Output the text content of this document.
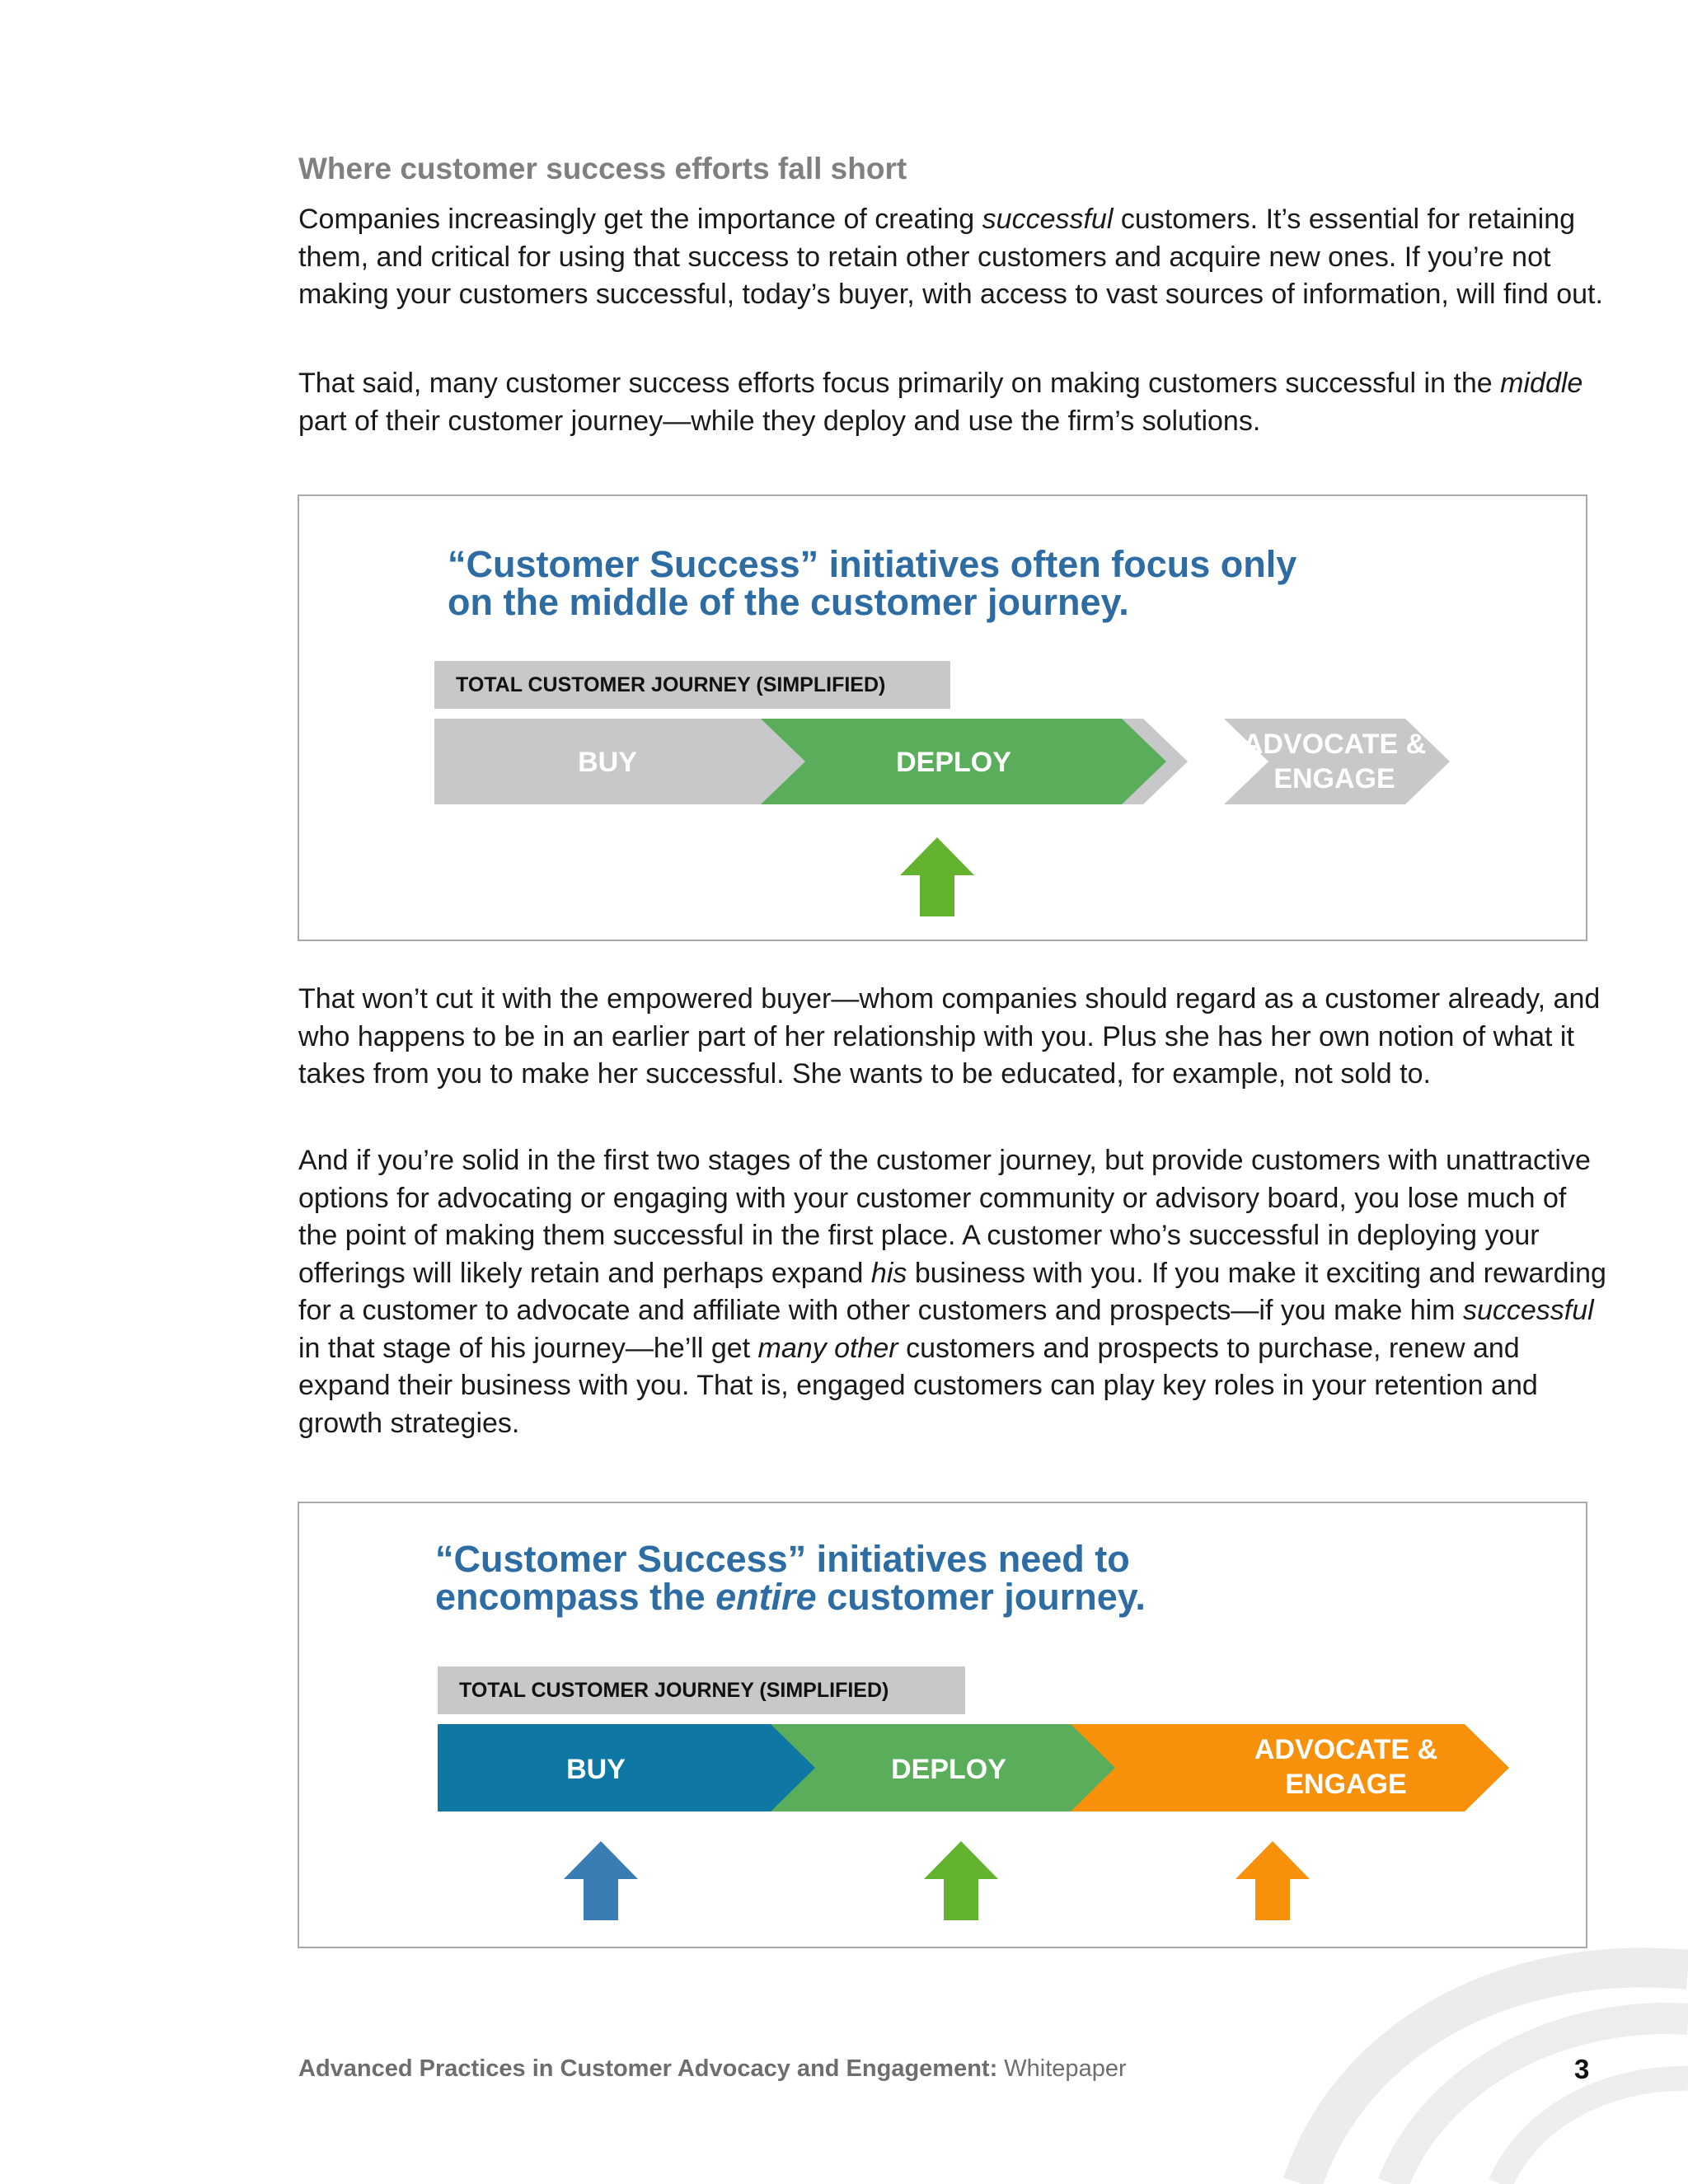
Where customer success efforts fall short

Companies increasingly get the importance of creating successful customers. It’s essential for retaining them, and critical for using that success to retain other customers and acquire new ones. If you’re not making your customers successful, today’s buyer, with access to vast sources of information, will find out.

That said, many customer success efforts focus primarily on making customers successful in the middle part of their customer journey—while they deploy and use the firm’s solutions.

“Customer Success” initiatives often focus only
on the middle of the customer journey.
TOTAL CUSTOMER JOURNEY (SIMPLIFIED)
BUY	DEPLOY
ADVOCATE &
ENGAGE

That won’t cut it with the empowered buyer—whom companies should regard as a customer already, and who happens to be in an earlier part of her relationship with you. Plus she has her own notion of what it takes from you to make her successful. She wants to be educated, for example, not sold to.

And if you’re solid in the first two stages of the customer journey, but provide customers with unattractive options for advocating or engaging with your customer community or advisory board, you lose much of the point of making them successful in the first place. A customer who’s successful in deploying your offerings will likely retain and perhaps expand his business with you. If you make it exciting and rewarding for a customer to advocate and affiliate with other customers and prospects—if you make him successful in that stage of his journey—he’ll get many other customers and prospects to purchase, renew and expand their business with you. That is, engaged customers can play key roles in your retention and growth strategies.

“Customer Success” initiatives need to
encompass the entire customer journey.
TOTAL CUSTOMER JOURNEY (SIMPLIFIED)
BUY	DEPLOY
ADVOCATE &
ENGAGE
Advanced Practices in Customer Advocacy and Engagement: Whitepaper	3
